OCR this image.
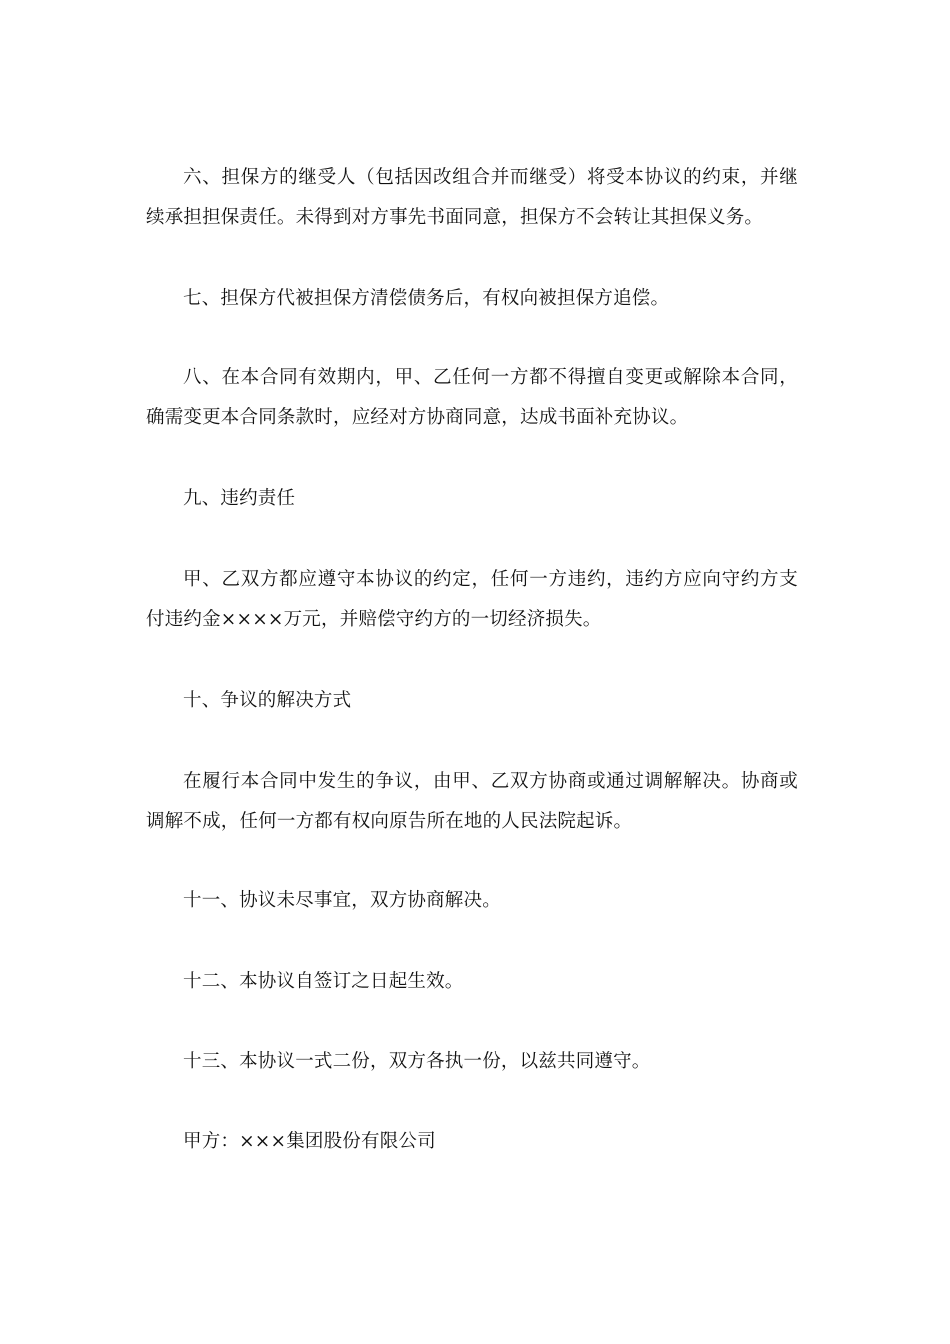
六、担保方的继受人（包括因改组合并而继受）将受本协议的约束，并继续承担担保责任。未得到对方事先书面同意，担保方不会转让其担保义务。

七、担保方代被担保方清偿债务后，有权向被担保方追偿。

八、在本合同有效期内，甲、乙任何一方都不得擅自变更或解除本合同，确需变更本合同条款时，应经对方协商同意，达成书面补充协议。

九、违约责任

甲、乙双方都应遵守本协议的约定，任何一方违约，违约方应向守约方支付违约金××××万元，并赔偿守约方的一切经济损失。

十、争议的解决方式

在履行本合同中发生的争议，由甲、乙双方协商或通过调解解决。协商或调解不成，任何一方都有权向原告所在地的人民法院起诉。

十一、协议未尽事宜，双方协商解决。

十二、本协议自签订之日起生效。

十三、本协议一式二份，双方各执一份，以兹共同遵守。

甲方：×××集团股份有限公司
